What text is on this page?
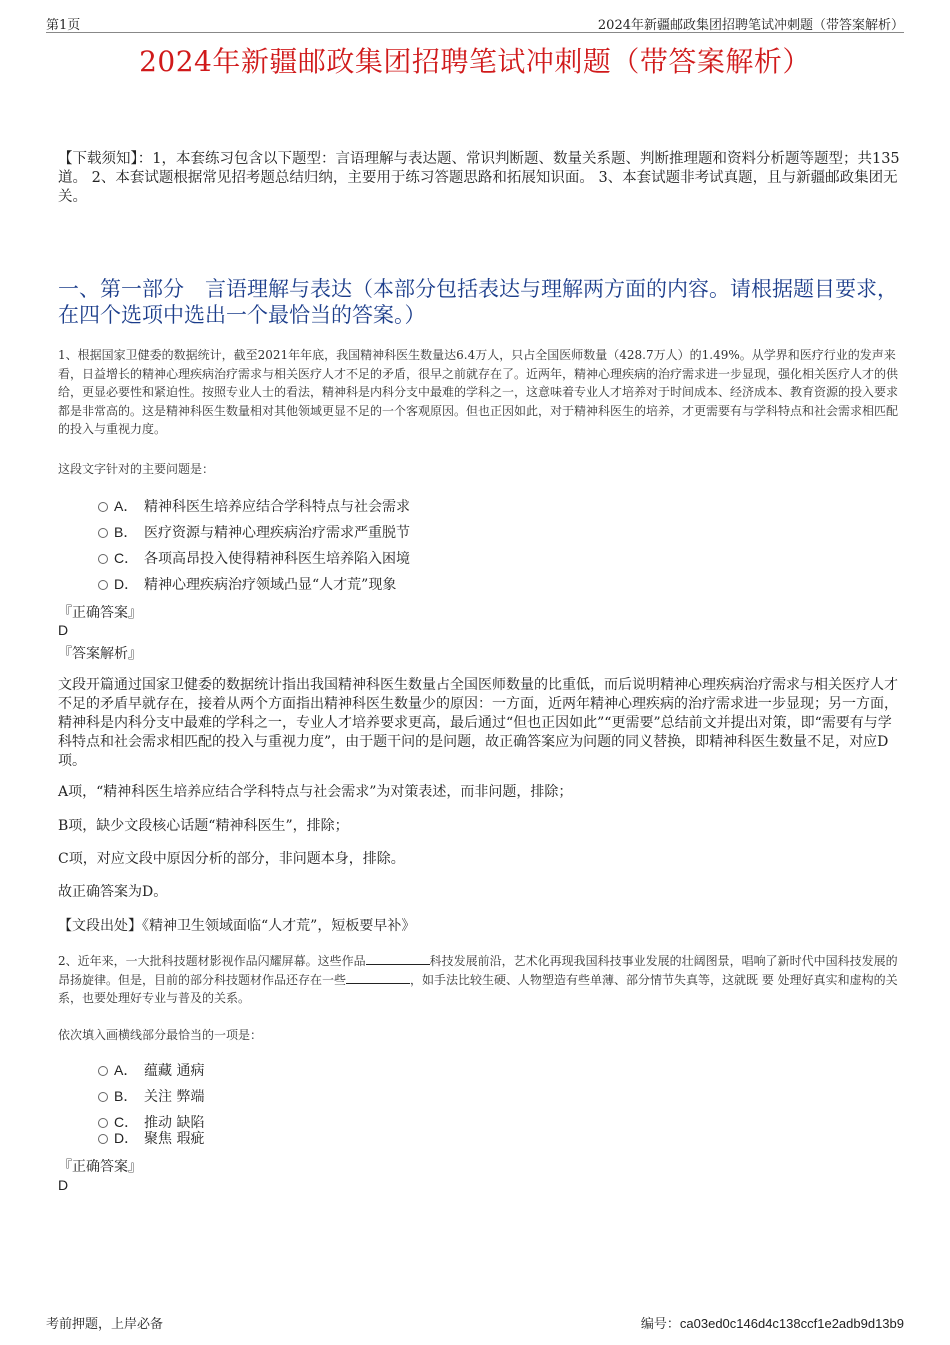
第1页	2024年新疆邮政集团招聘笔试冲刺题（带答案解析）
2024年新疆邮政集团招聘笔试冲刺题（带答案解析）
【下载须知】：1，本套练习包含以下题型：言语理解与表达题、常识判断题、数量关系题、判断推理题和资料分析题等题型；共135道。 2、本套试题根据常见招考题总结归纳，主要用于练习答题思路和拓展知识面。 3、本套试题非考试真题，且与新疆邮政集团无关。
一、第一部分　言语理解与表达（本部分包括表达与理解两方面的内容。请根据题目要求，在四个选项中选出一个最恰当的答案。）
1、根据国家卫健委的数据统计，截至2021年年底，我国精神科医生数量达6.4万人，只占全国医师数量（428.7万人）的1.49%。从学界和医疗行业的发声来看，日益增长的精神心理疾病治疗需求与相关医疗人才不足的矛盾，很早之前就存在了。近两年，精神心理疾病的治疗需求进一步显现，强化相关医疗人才的供给，更显必要性和紧迫性。按照专业人士的看法，精神科是内科分支中最难的学科之一，这意味着专业人才培养对于时间成本、经济成本、教育资源的投入要求都是非常高的。这是精神科医生数量相对其他领域更显不足的一个客观原因。但也正因如此，对于精神科医生的培养，才更需要有与学科特点和社会需求相匹配的投入与重视力度。
这段文字针对的主要问题是：
A． 精神科医生培养应结合学科特点与社会需求
B． 医疗资源与精神心理疾病治疗需求严重脱节
C． 各项高昂投入使得精神科医生培养陷入困境
D． 精神心理疾病治疗领域凸显“人才荒”现象
『正确答案』
D
『答案解析』
文段开篇通过国家卫健委的数据统计指出我国精神科医生数量占全国医师数量的比重低，而后说明精神心理疾病治疗需求与相关医疗人才不足的矛盾早就存在，接着从两个方面指出精神科医生数量少的原因：一方面，近两年精神心理疾病的治疗需求进一步显现；另一方面，精神科是内科分支中最难的学科之一，专业人才培养要求更高，最后通过“但也正因如此”“更需要”总结前文并提出对策，即“需要有与学科特点和社会需求相匹配的投入与重视力度”，由于题干问的是问题，故正确答案应为问题的同义替换，即精神科医生数量不足，对应D项。
A项，“精神科医生培养应结合学科特点与社会需求”为对策表述，而非问题，排除；
B项，缺少文段核心话题“精神科医生”，排除；
C项，对应文段中原因分析的部分，非问题本身，排除。
故正确答案为D。
【文段出处】《精神卫生领域面临“人才荒”，短板要早补》
2、近年来，一大批科技题材影视作品闪耀屏幕。这些作品	科技发展前沿，艺术化再现我国科技事业发展的壮阔图景，唱响了新时代中国科技发展的昂扬旋律。但是，目前的部分科技题材作品还存在一些	，如手法比较生硬、人物塑造有些单薄、部分情节失真等，这就既 要 处理好真实和虚构的关系，也要处理好专业与普及的关系。
依次填入画横线部分最恰当的一项是：
A． 蕴藏 通病
B． 关注 弊端
C． 推动 缺陷
D． 聚焦 瑕疵
『正确答案』
D
考前押题，上岸必备	编号：ca03ed0c146d4c138ccf1e2adb9d13b9
